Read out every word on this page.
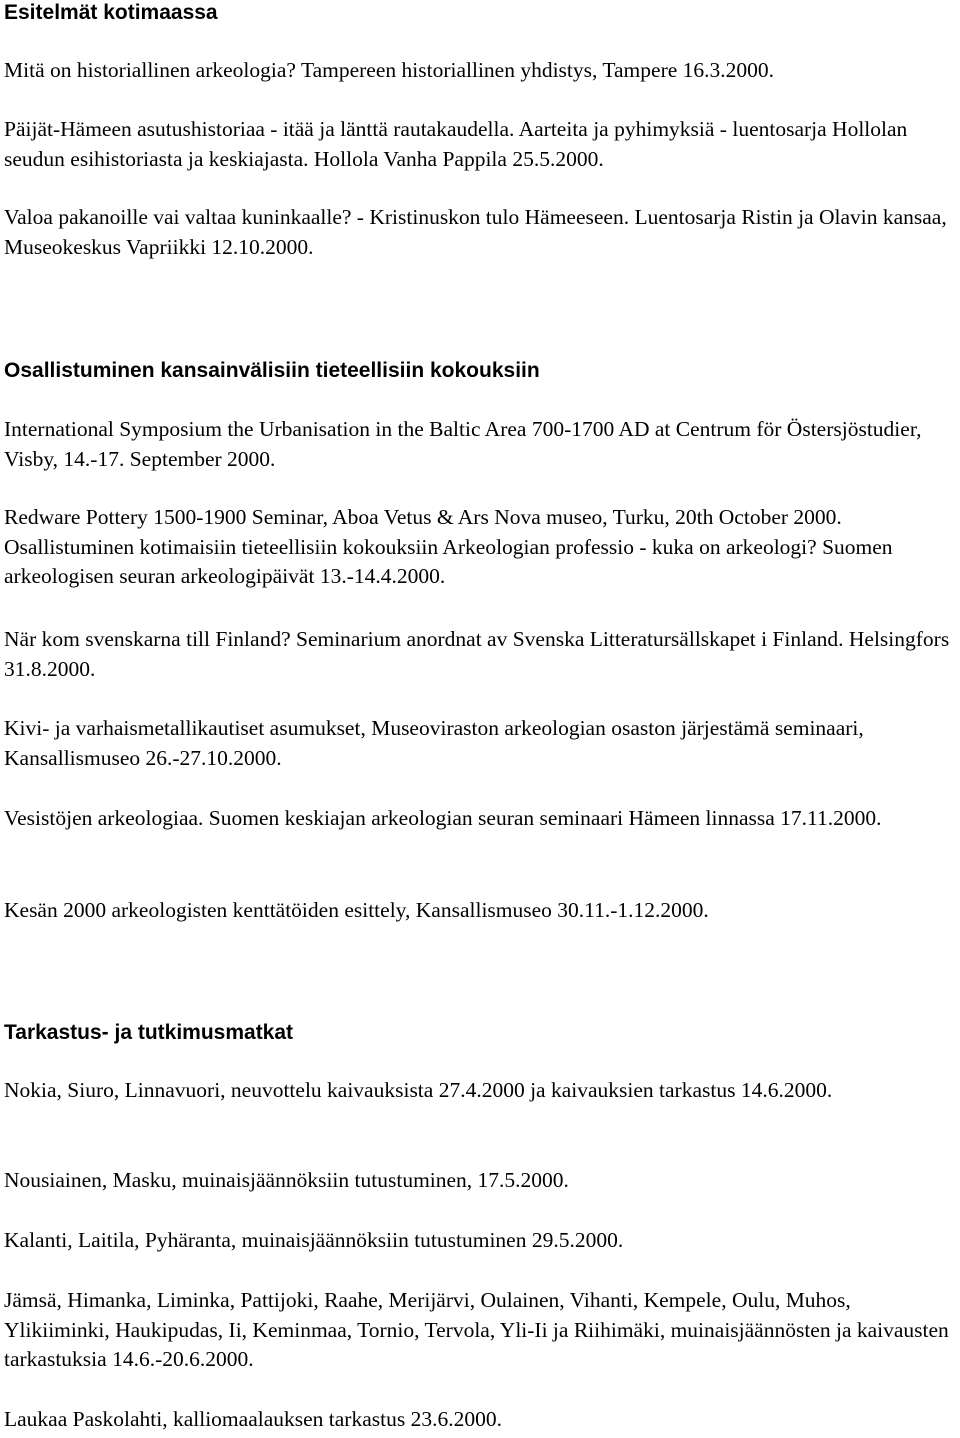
Esitelmät kotimaassa

Mitä on historiallinen arkeologia? Tampereen historiallinen yhdistys, Tampere 16.3.2000.

Päijät-Hämeen asutushistoriaa - itää ja länttä rautakaudella. Aarteita ja pyhimyksiä - luentosarja Hollolan seudun esihistoriasta ja keskiajasta. Hollola Vanha Pappila 25.5.2000.

Valoa pakanoille vai valtaa kuninkaalle? - Kristinuskon tulo Hämeeseen. Luentosarja Ristin ja Olavin kansaa, Museokeskus Vapriikki 12.10.2000.

Osallistuminen kansainvälisiin tieteellisiin kokouksiin

International Symposium the Urbanisation in the Baltic Area 700-1700 AD at Centrum för Östersjöstudier, Visby, 14.-17. September 2000.

Redware Pottery 1500-1900 Seminar, Aboa Vetus & Ars Nova museo, Turku, 20th October 2000. Osallistuminen kotimaisiin tieteellisiin kokouksiin Arkeologian professio - kuka on arkeologi? Suomen arkeologisen seuran arkeologipäivät 13.-14.4.2000.

När kom svenskarna till Finland? Seminarium anordnat av Svenska Litteratursällskapet i Finland. Helsingfors 31.8.2000.

Kivi- ja varhaismetallikautiset asumukset, Museoviraston arkeologian osaston järjestämä seminaari, Kansallismuseo 26.-27.10.2000.

Vesistöjen arkeologiaa. Suomen keskiajan arkeologian seuran seminaari Hämeen linnassa 17.11.2000.

Kesän 2000 arkeologisten kenttätöiden esittely, Kansallismuseo 30.11.-1.12.2000.

Tarkastus- ja tutkimusmatkat

Nokia, Siuro, Linnavuori, neuvottelu kaivauksista 27.4.2000 ja kaivauksien tarkastus 14.6.2000.

Nousiainen, Masku, muinaisjäännöksiin tutustuminen, 17.5.2000.

Kalanti, Laitila, Pyhäranta, muinaisjäännöksiin tutustuminen 29.5.2000.

Jämsä, Himanka, Liminka, Pattijoki, Raahe, Merijärvi, Oulainen, Vihanti, Kempele, Oulu, Muhos, Ylikiiminki, Haukipudas, Ii, Keminmaa, Tornio, Tervola, Yli-Ii ja Riihimäki, muinaisjäännösten ja kaivausten tarkastuksia 14.6.-20.6.2000.

Laukaa Paskolahti, kalliomaalauksen tarkastus 23.6.2000.
